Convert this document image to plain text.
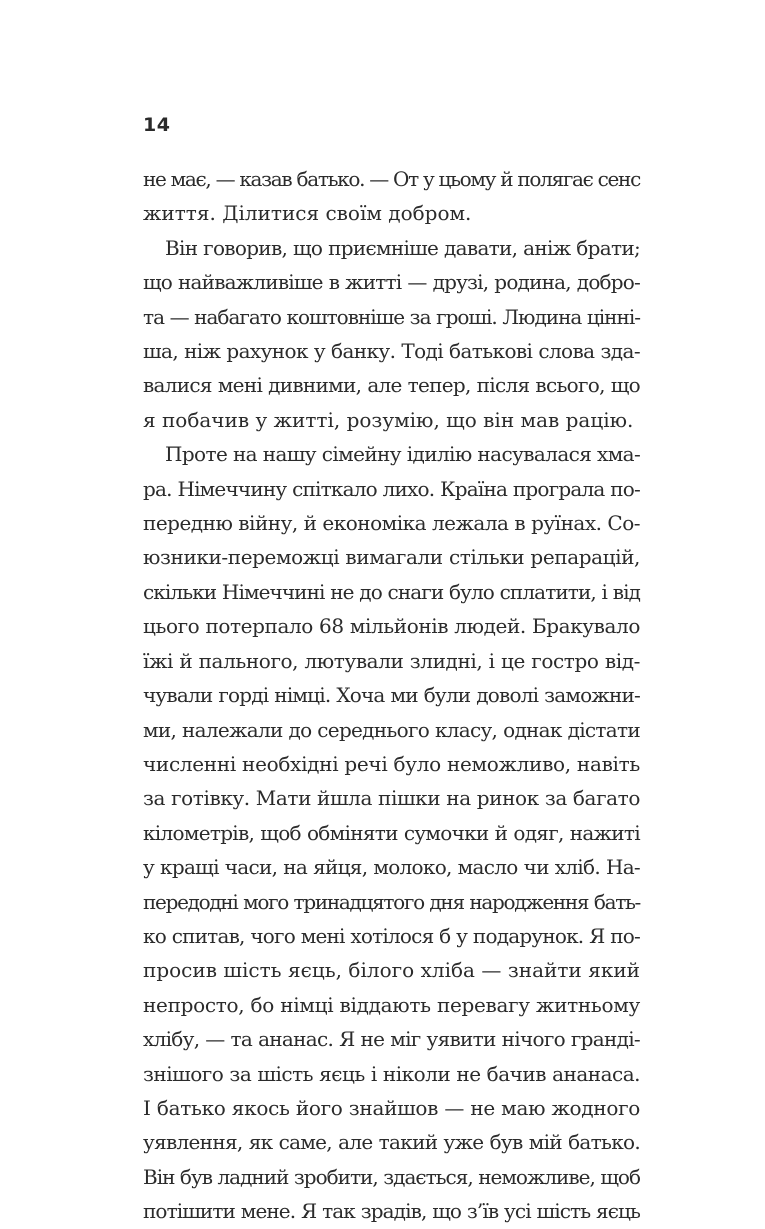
14
не має, — казав батько. — От у цьому й полягає сенс
життя. Ділитися своїм добром.
Він говорив, що приємніше давати, аніж брати;
що найважливіше в житті — друзі, родина, добро-
та — набагато коштовніше за гроші. Людина цінні-
ша, ніж рахунок у банку. Тоді батькові слова зда-
валися мені дивними, але тепер, після всього, що
я побачив у житті, розумію, що він мав рацію.
Проте на нашу сімейну ідилію насувалася хма-
ра. Німеччину спіткало лихо. Країна програла по-
передню війну, й економіка лежала в руїнах. Со-
юзники-переможці вимагали стільки репарацій,
скільки Німеччині не до снаги було сплатити, і від
цього потерпало 68 мільйонів людей. Бракувало
їжі й пального, лютували злидні, і це гостро від-
чували горді німці. Хоча ми були доволі заможни-
ми, належали до середнього класу, однак дістати
численні необхідні речі було неможливо, навіть
за готівку. Мати йшла пішки на ринок за багато
кілометрів, щоб обміняти сумочки й одяг, нажиті
у кращі часи, на яйця, молоко, масло чи хліб. На-
передодні мого тринадцятого дня народження бать-
ко спитав, чого мені хотілося б у подарунок. Я по-
просив шість яєць, білого хліба — знайти який
непросто, бо німці віддають перевагу житньому
хлібу, — та ананас. Я не міг уявити нічого гранді-
знішого за шість яєць і ніколи не бачив ананаса.
І батько якось його знайшов — не маю жодного
уявлення, як саме, але такий уже був мій батько.
Він був ладний зробити, здається, неможливе, щоб
потішити мене. Я так зрадів, що з’їв усі шість яєць
